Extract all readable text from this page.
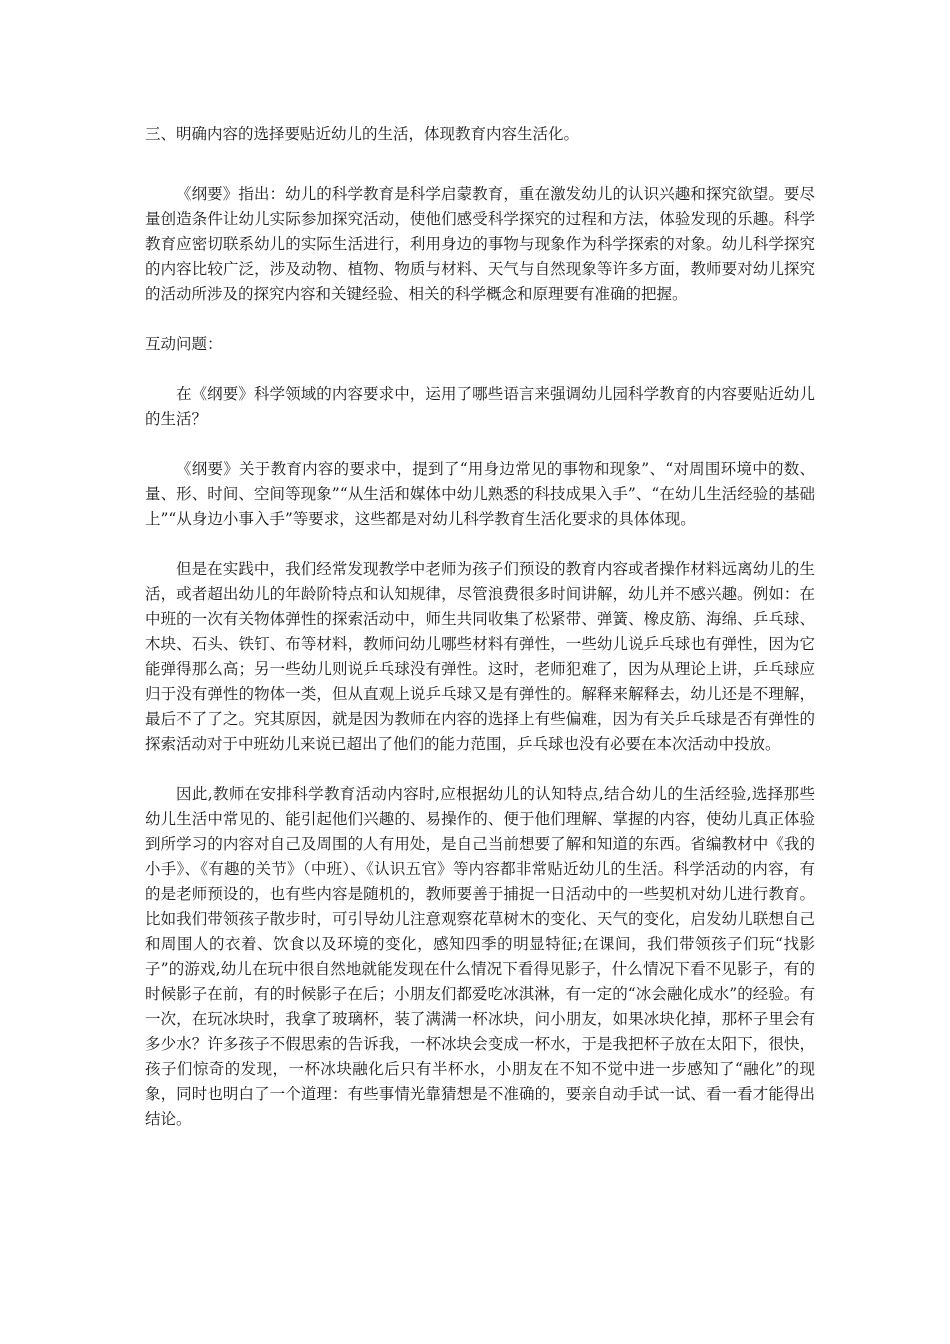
三、明确内容的选择要贴近幼儿的生活，体现教育内容生活化。

《纲要》指出：幼儿的科学教育是科学启蒙教育，重在激发幼儿的认识兴趣和探究欲望。要尽量创造条件让幼儿实际参加探究活动，使他们感受科学探究的过程和方法，体验发现的乐趣。科学教育应密切联系幼儿的实际生活进行，利用身边的事物与现象作为科学探索的对象。幼儿科学探究的内容比较广泛，涉及动物、植物、物质与材料、天气与自然现象等许多方面，教师要对幼儿探究的活动所涉及的探究内容和关键经验、相关的科学概念和原理要有准确的把握。

互动问题：

在《纲要》科学领域的内容要求中，运用了哪些语言来强调幼儿园科学教育的内容要贴近幼儿的生活？

《纲要》关于教育内容的要求中，提到了“用身边常见的事物和现象”、“对周围环境中的数、量、形、时间、空间等现象”“从生活和媒体中幼儿熟悉的科技成果入手”、“在幼儿生活经验的基础上”“从身边小事入手”等要求，这些都是对幼儿科学教育生活化要求的具体体现。

但是在实践中，我们经常发现教学中老师为孩子们预设的教育内容或者操作材料远离幼儿的生活，或者超出幼儿的年龄阶特点和认知规律，尽管浪费很多时间讲解，幼儿并不感兴趣。例如：在中班的一次有关物体弹性的探索活动中，师生共同收集了松紧带、弹簧、橡皮筋、海绵、乒乓球、木块、石头、铁钉、布等材料，教师问幼儿哪些材料有弹性，一些幼儿说乒乓球也有弹性，因为它能弹得那么高；另一些幼儿则说乒乓球没有弹性。这时，老师犯难了，因为从理论上讲，乒乓球应归于没有弹性的物体一类，但从直观上说乒乓球又是有弹性的。解释来解释去，幼儿还是不理解，最后不了了之。究其原因，就是因为教师在内容的选择上有些偏难，因为有关乒乓球是否有弹性的探索活动对于中班幼儿来说已超出了他们的能力范围，乒乓球也没有必要在本次活动中投放。

因此,教师在安排科学教育活动内容时,应根据幼儿的认知特点,结合幼儿的生活经验,选择那些幼儿生活中常见的、能引起他们兴趣的、易操作的、便于他们理解、掌握的内容，使幼儿真正体验到所学习的内容对自己及周围的人有用处，是自己当前想要了解和知道的东西。省编教材中《我的小手》、《有趣的关节》（中班）、《认识五官》等内容都非常贴近幼儿的生活。科学活动的内容，有的是老师预设的，也有些内容是随机的，教师要善于捕捉一日活动中的一些契机对幼儿进行教育。比如我们带领孩子散步时，可引导幼儿注意观察花草树木的变化、天气的变化，启发幼儿联想自己和周围人的衣着、饮食以及环境的变化，感知四季的明显特征;在课间，我们带领孩子们玩“找影子”的游戏,幼儿在玩中很自然地就能发现在什么情况下看得见影子，什么情况下看不见影子，有的时候影子在前，有的时候影子在后；小朋友们都爱吃冰淇淋，有一定的“冰会融化成水”的经验。有一次，在玩冰块时，我拿了玻璃杯，装了满满一杯冰块，问小朋友，如果冰块化掉，那杯子里会有多少水？许多孩子不假思索的告诉我，一杯冰块会变成一杯水，于是我把杯子放在太阳下，很快，孩子们惊奇的发现，一杯冰块融化后只有半杯水，小朋友在不知不觉中进一步感知了“融化”的现象，同时也明白了一个道理：有些事情光靠猜想是不准确的，要亲自动手试一试、看一看才能得出结论。
